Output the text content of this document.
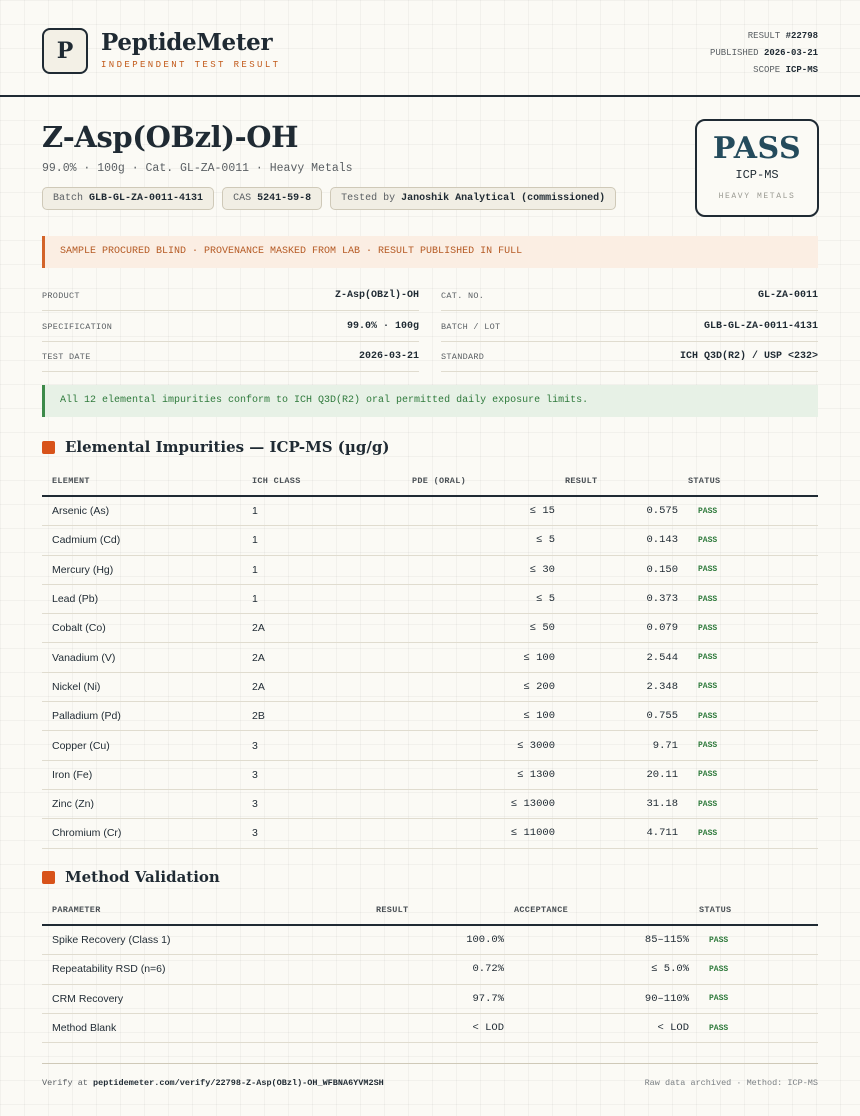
P	PeptideMeter
INDEPENDENT TEST RESULT
RESULT #22798
PUBLISHED 2026-03-21
SCOPE ICP-MS
Z-Asp(OBzl)-OH
99.0% · 100g · Cat. GL-ZA-0011 · Heavy Metals
Batch GLB-GL-ZA-0011-4131	CAS 5241-59-8	Tested by Janoshik Analytical (commissioned)
PASS
ICP-MS
HEAVY METALS
SAMPLE PROCURED BLIND · PROVENANCE MASKED FROM LAB · RESULT PUBLISHED IN FULL
PRODUCT	Z-Asp(OBzl)-OH	CAT. NO.	GL-ZA-0011
SPECIFICATION	99.0% · 100g	BATCH / LOT	GLB-GL-ZA-0011-4131
TEST DATE	2026-03-21	STANDARD	ICH Q3D(R2) / USP <232>
All 12 elemental impurities conform to ICH Q3D(R2) oral permitted daily exposure limits.
Elemental Impurities — ICP-MS (µg/g)
ELEMENT	ICH CLASS	PDE (ORAL)	RESULT	STATUS
Arsenic (As)	1	≤ 15	0.575	PASS
Cadmium (Cd)	1	≤ 5	0.143	PASS
Mercury (Hg)	1	≤ 30	0.150	PASS
Lead (Pb)	1	≤ 5	0.373	PASS
Cobalt (Co)	2A	≤ 50	0.079	PASS
Vanadium (V)	2A	≤ 100	2.544	PASS
Nickel (Ni)	2A	≤ 200	2.348	PASS
Palladium (Pd)	2B	≤ 100	0.755	PASS
Copper (Cu)	3	≤ 3000	9.71	PASS
Iron (Fe)	3	≤ 1300	20.11	PASS
Zinc (Zn)	3	≤ 13000	31.18	PASS
Chromium (Cr)	3	≤ 11000	4.711	PASS
Method Validation
PARAMETER	RESULT	ACCEPTANCE	STATUS
Spike Recovery (Class 1)	100.0%	85–115%	PASS
Repeatability RSD (n=6)	0.72%	≤ 5.0%	PASS
CRM Recovery	97.7%	90–110%	PASS
Method Blank	< LOD	< LOD	PASS
Verify at peptidemeter.com/verify/22798-Z-Asp(OBzl)-OH_WFBNA6YVM2SH	Raw data archived · Method: ICP-MS
